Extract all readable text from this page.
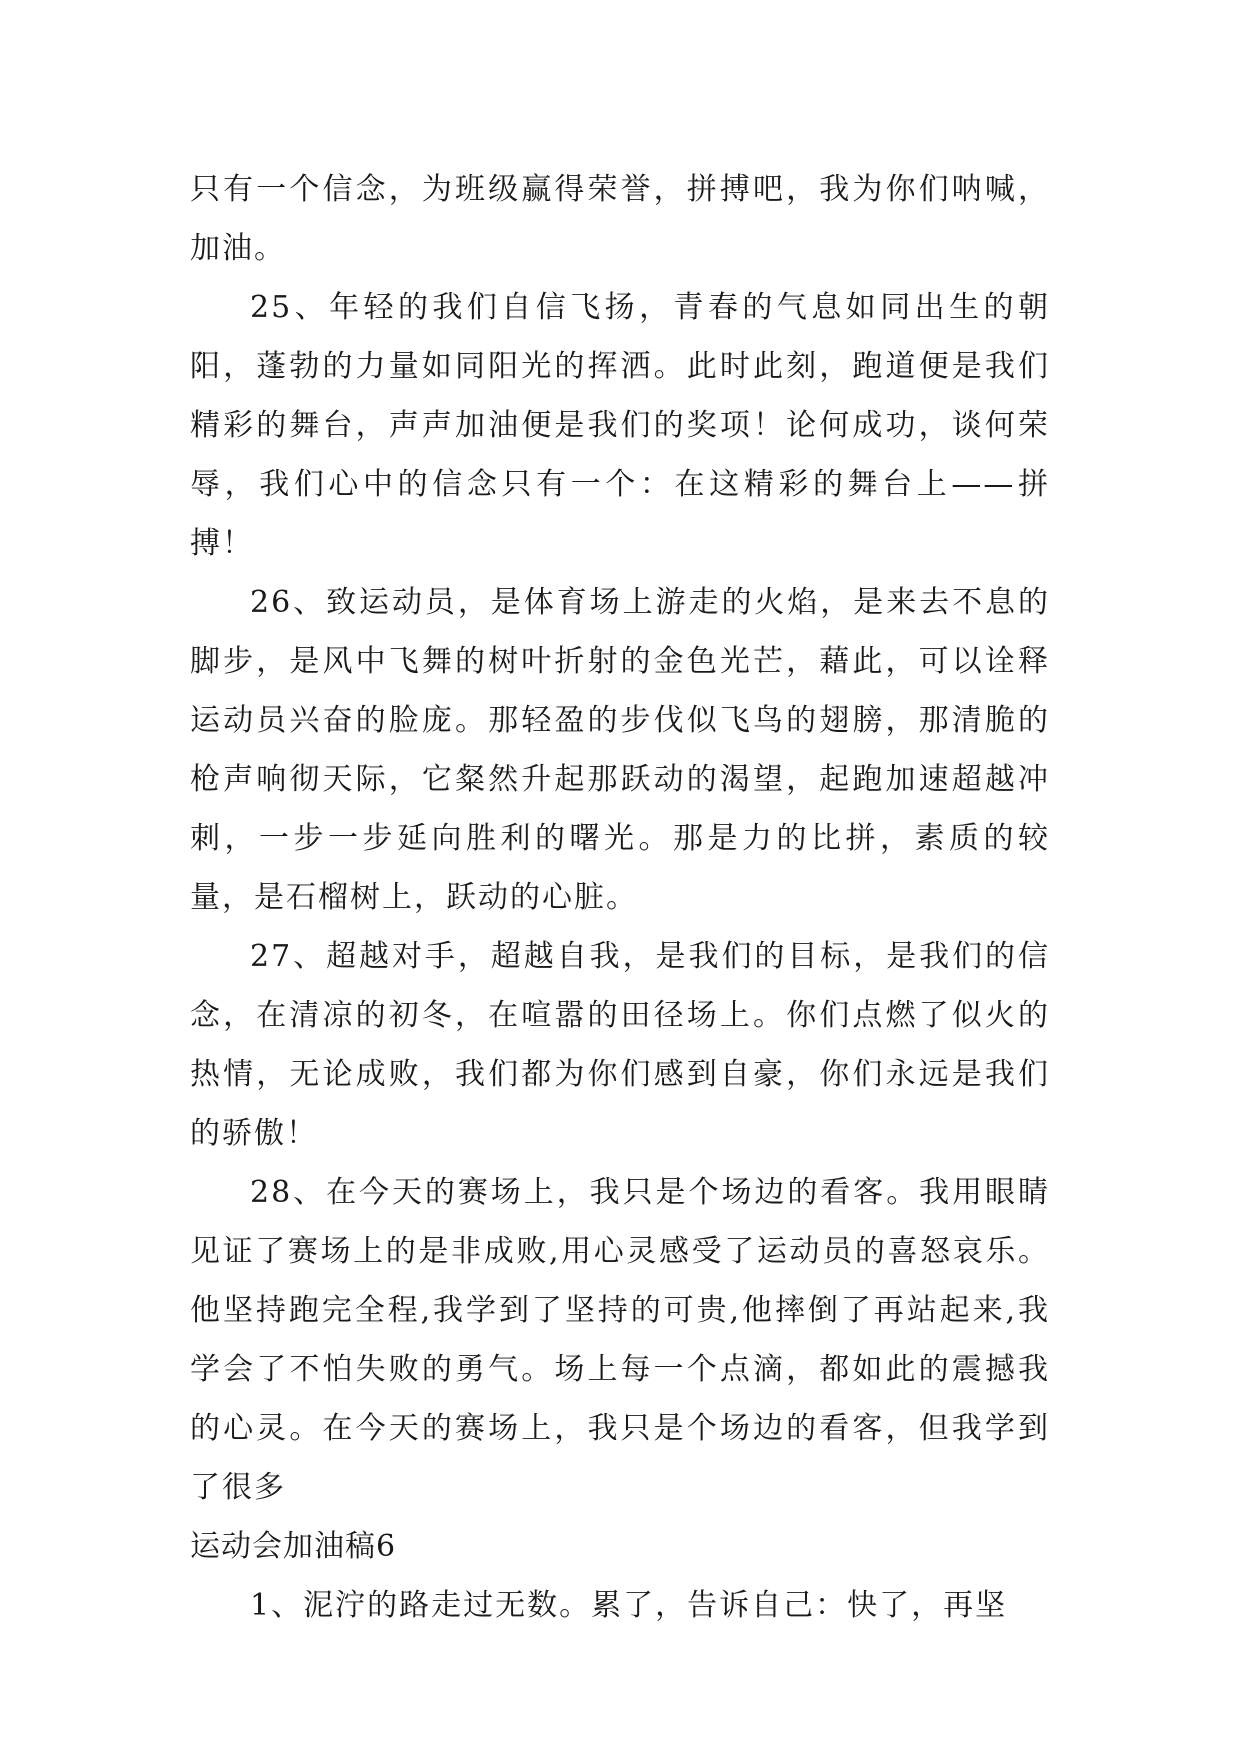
只有一个信念，为班级赢得荣誉，拼搏吧，我为你们呐喊，加油。

25、年轻的我们自信飞扬，青春的气息如同出生的朝阳，蓬勃的力量如同阳光的挥洒。此时此刻，跑道便是我们精彩的舞台，声声加油便是我们的奖项！论何成功，谈何荣辱，我们心中的信念只有一个：在这精彩的舞台上——拼搏！

26、致运动员，是体育场上游走的火焰，是来去不息的脚步，是风中飞舞的树叶折射的金色光芒，藉此，可以诠释运动员兴奋的脸庞。那轻盈的步伐似飞鸟的翅膀，那清脆的枪声响彻天际，它粲然升起那跃动的渴望，起跑加速超越冲刺，一步一步延向胜利的曙光。那是力的比拼，素质的较量，是石榴树上，跃动的心脏。

27、超越对手，超越自我，是我们的目标，是我们的信念，在清凉的初冬，在喧嚣的田径场上。你们点燃了似火的热情，无论成败，我们都为你们感到自豪，你们永远是我们的骄傲！

28、在今天的赛场上，我只是个场边的看客。我用眼睛见证了赛场上的是非成败,用心灵感受了运动员的喜怒哀乐。他坚持跑完全程,我学到了坚持的可贵,他摔倒了再站起来,我学会了不怕失败的勇气。场上每一个点滴，都如此的震撼我的心灵。在今天的赛场上，我只是个场边的看客，但我学到了很多

运动会加油稿6

1、泥泞的路走过无数。累了，告诉自己：快了，再坚
